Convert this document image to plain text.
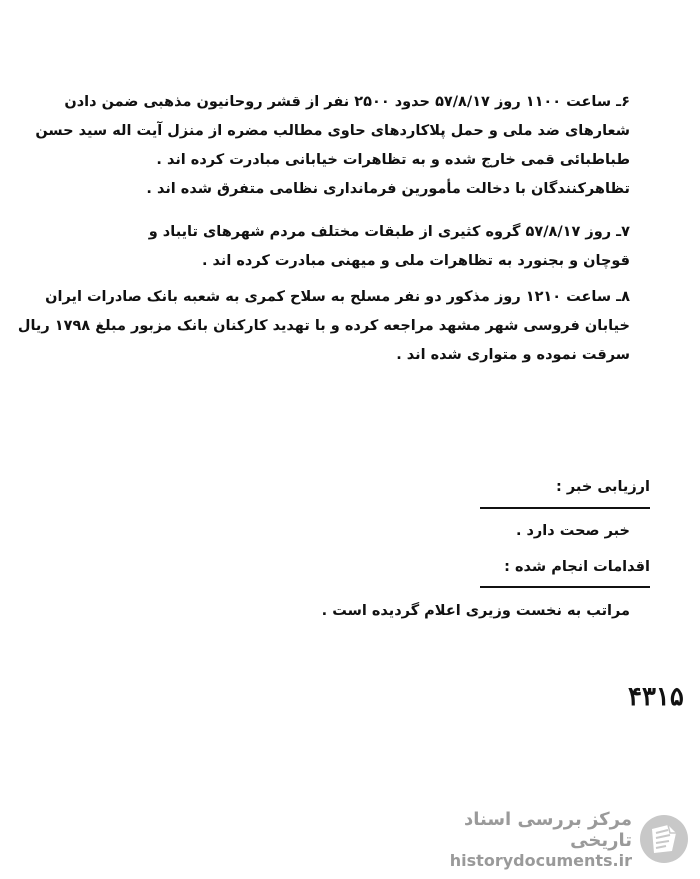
۶ـ ساعت ۱۱۰۰ روز ۵۷/۸/۱۷ حدود ۲۵۰۰ نفر از قشر روحانیون مذهبی ضمن دادن
شعارهای ضد ملی و حمل پلاکاردهای حاوی مطالب مضره از منزل آیت اله سید حسن
طباطبائی قمی خارج شده و به تظاهرات خیابانی مبادرت کرده اند .
تظاهرکنندگان با دخالت مأمورین فرمانداری نظامی متفرق شده اند .
۷ـ روز ۵۷/۸/۱۷ گروه کثیری از طبقات مختلف مردم شهرهای تایباد و
قوچان و بجنورد به تظاهرات ملی و میهنی مبادرت کرده اند .
۸ـ ساعت ۱۲۱۰ روز مذکور دو نفر مسلح به سلاح کمری به شعبه بانک صادرات ایران
خیابان فروسی شهر مشهد مراجعه کرده و با تهدید کارکنان بانک مزبور مبلغ ۱۷۹۸ ریال
سرقت نموده و متواری شده اند .
ارزیابی خبر :
خبر صحت دارد .
اقدامات انجام شده :
مراتب به نخست وزیری اعلام گردیده است .
۴۳۱۵
مرکز بررسی اسناد تاریخی
historydocuments.ir
